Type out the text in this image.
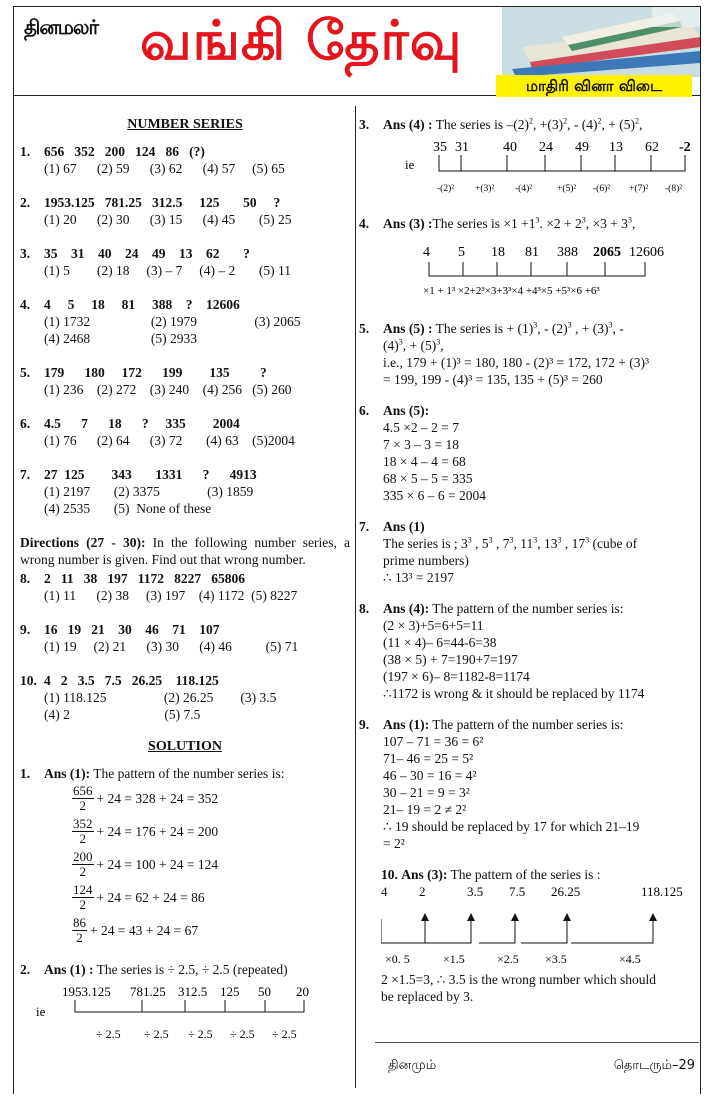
தினமலர் வங்கி தேர்வு
மாதிரி வினா விடை
NUMBER SERIES
1. 656   352   200   124   86   (?)
(1) 67      (2) 59      (3) 62      (4) 57     (5) 65
2. 1953.125   781.25   312.5     125       50     ?
(1) 20      (2) 30      (3) 15      (4) 45       (5) 25
3. 35    31    40    24    49    13    62       ?
(1) 5        (2) 18     (3) – 7     (4) – 2       (5) 11
4. 4     5     18     81     388    ?    12606
(1) 1732                  (2) 1979                 (3) 2065
(4) 2468                  (5) 2933
5. 179      180     172      199        135         ?
(1) 236    (2) 272    (3) 240    (4) 256   (5) 260
6. 4.5      7      18      ?     335        2004
(1) 76      (2) 64      (3) 72       (4) 63    (5)2004
7. 27  125        343       1331      ?      4913
(1) 2197       (2) 3375              (3) 1859
(4) 2535       (5)  None of these
Directions (27 - 30): In the following number series, a wrong number is given. Find out that wrong number.
8. 2   11   38   197   1172   8227   65806
(1) 11      (2) 38     (3) 197    (4) 1172  (5) 8227
9. 16   19   21    30    46    71    107
(1) 19     (2) 21      (3) 30      (4) 46          (5) 71
10. 4   2   3.5   7.5   26.25    118.125
(1) 118.125                 (2) 26.25        (3) 3.5
(4) 2                            (5) 7.5
SOLUTION
1. Ans (1): The pattern of the number series is:
$\frac{656}{2} + 24 = 328 + 24 = 352$
$\frac{352}{2} + 24 = 176 + 24 = 200$
$\frac{200}{2} + 24 = 100 + 24 = 124$
$\frac{124}{2} + 24 = 62 + 24 = 86$
$\frac{86}{2} + 24 = 43 + 24 = 67$
2. Ans (1) : The series is ÷ 2.5, ÷ 2.5 (repeated)
1953.125 781.25 312.5 125 50 20
ie
÷ 2.5 ÷ 2.5 ÷ 2.5 ÷ 2.5 ÷ 2.5
3. Ans (4) : The series is $-(2)^2$, $+(3)^2$, - $(4)^2$, + $(5)^2$,
35 31 40 24 49 13 62 -2
ie
-(2)² +(3)² -(4)²	+(5)² -(6)² +(7)² -(8)²
4. Ans (3) :The series is $\times 1 +1^3$. $\times 2 + 2^3$, $\times 3 + 3^3$,
4 5 18 81 388 2065 12606
×1 + 1³ ×2+2³×3+3³×4 +4³×5 +5³×6 +6³
5. Ans (5) : The series is + $(1)^3$, - $(2)^3$ , + $(3)^3$, -
$(4)^3$, + $(5)^3$,
i.e., 179 + (1)³ = 180, 180 - (2)³ = 172, 172 + (3)³
= 199, 199 - (4)³ = 135, 135 + (5)³ = 260
6. Ans (5):
4.5 ×2 – 2 = 7
7 × 3 – 3 = 18
18 × 4 – 4 = 68
68 × 5 – 5 = 335
335 × 6 – 6 = 2004
7. Ans (1)
The series is ; $3^3$ , $5^3$ , $7^3$, $11^3$, $13^3$ , $17^3$ (cube of
prime numbers)
∴ 13³ = 2197
8. Ans (4): The pattern of the number series is:
(2 × 3)+5=6+5=11
(11 × 4)– 6=44-6=38
(38 × 5) + 7=190+7=197
(197 × 6)– 8=1182-8=1174
∴1172 is wrong & it should be replaced by 1174
9. Ans (1): The pattern of the number series is:
107 – 71 = 36 = 6²
71– 46 = 25 = 5²
46 – 30 = 16 = 4²
30 – 21 = 9 = 3²
21– 19 = 2 ≠ 2²
∴ 19 should be replaced by 17 for which 21–19
= 2²
10. Ans (3): The pattern of the series is :
4 2	3.5 7.5 26.25	118.125
×0. 5	×1.5	×2.5 ×3.5	×4.5
2 ×1.5=3, ∴ 3.5 is the wrong number which should
be replaced by 3.
தினமும்	தொடரும்–29
